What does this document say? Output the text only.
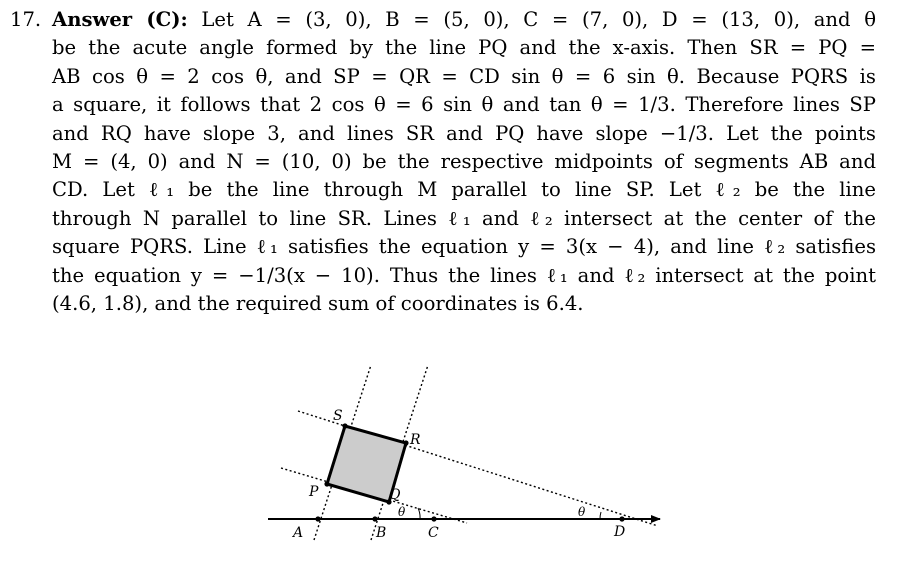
17. Answer (C): Let A = (3, 0), B = (5, 0), C = (7, 0), D = (13, 0), and θ
be the acute angle formed by the line PQ and the x-axis. Then SR = PQ =
AB cos θ = 2 cos θ, and SP = QR = CD sin θ = 6 sin θ. Because PQRS is
a square, it follows that 2 cos θ = 6 sin θ and tan θ = 1/3. Therefore lines SP
and RQ have slope 3, and lines SR and PQ have slope −1/3. Let the points
M = (4, 0) and N = (10, 0) be the respective midpoints of segments AB and
CD. Let ℓ₁ be the line through M parallel to line SP. Let ℓ₂ be the line
through N parallel to line SR. Lines ℓ₁ and ℓ₂ intersect at the center of the
square PQRS. Line ℓ₁ satisfies the equation y = 3(x − 4), and line ℓ₂ satisfies
the equation y = −1/3(x − 10). Thus the lines ℓ₁ and ℓ₂ intersect at the point
(4.6, 1.8), and the required sum of coordinates is 6.4.
S
R
P	Q
A	B	C	D
θ	θ
